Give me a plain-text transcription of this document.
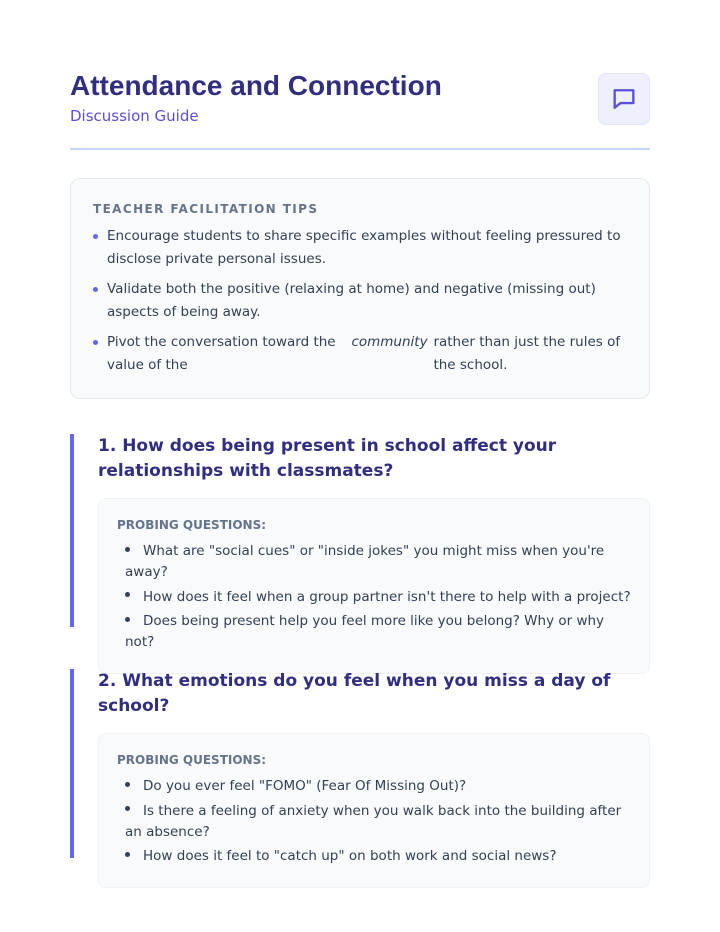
Attendance and Connection
Discussion Guide
TEACHER FACILITATION TIPS
Encourage students to share specific examples without feeling pressured to disclose private personal issues.
Validate both the positive (relaxing at home) and negative (missing out) aspects of being away.
Pivot the conversation toward the value of the
community rather than just the rules of the school.
1. How does being present in school affect your relationships with classmates?
PROBING QUESTIONS:
What are "social cues" or "inside jokes" you might miss when you're away?
How does it feel when a group partner isn't there to help with a project?
Does being present help you feel more like you belong? Why or why not?
2. What emotions do you feel when you miss a day of school?
PROBING QUESTIONS:
Do you ever feel "FOMO" (Fear Of Missing Out)?
Is there a feeling of anxiety when you walk back into the building after an absence?
How does it feel to "catch up" on both work and social news?
